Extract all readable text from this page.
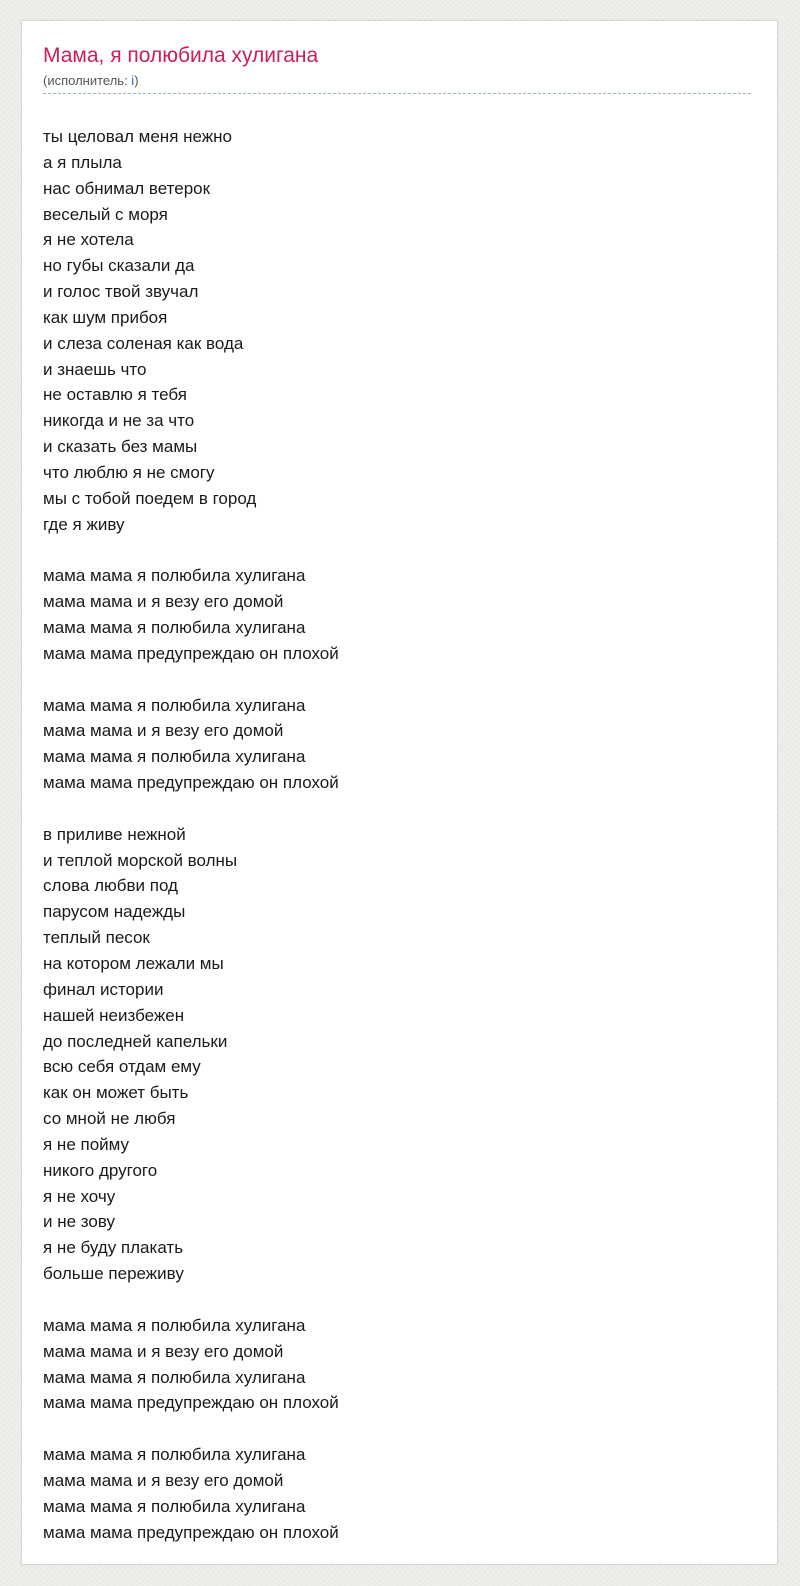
Мама, я полюбила хулигана
(исполнитель: i)
ты целовал меня нежно
а я плыла
нас обнимал ветерок
веселый с моря
я не хотела
но губы сказали да
и голос твой звучал
как шум прибоя
и слеза соленая как вода
и знаешь что
не оставлю я тебя
никогда и не за что
и сказать без мамы
что люблю я не смогу
мы с тобой поедем в город
где я живу
мама мама я полюбила хулигана
мама мама и я везу его домой
мама мама я полюбила хулигана
мама мама предупреждаю он плохой
мама мама я полюбила хулигана
мама мама и я везу его домой
мама мама я полюбила хулигана
мама мама предупреждаю он плохой
в приливе нежной
и теплой морской волны
слова любви под
парусом надежды
теплый песок
на котором лежали мы
финал истории
нашей неизбежен
до последней капельки
всю себя отдам ему
как он может быть
со мной не любя
я не пойму
никого другого
я не хочу
и не зову
я не буду плакать
больше переживу
мама мама я полюбила хулигана
мама мама и я везу его домой
мама мама я полюбила хулигана
мама мама предупреждаю он плохой
мама мама я полюбила хулигана
мама мама и я везу его домой
мама мама я полюбила хулигана
мама мама предупреждаю он плохой
